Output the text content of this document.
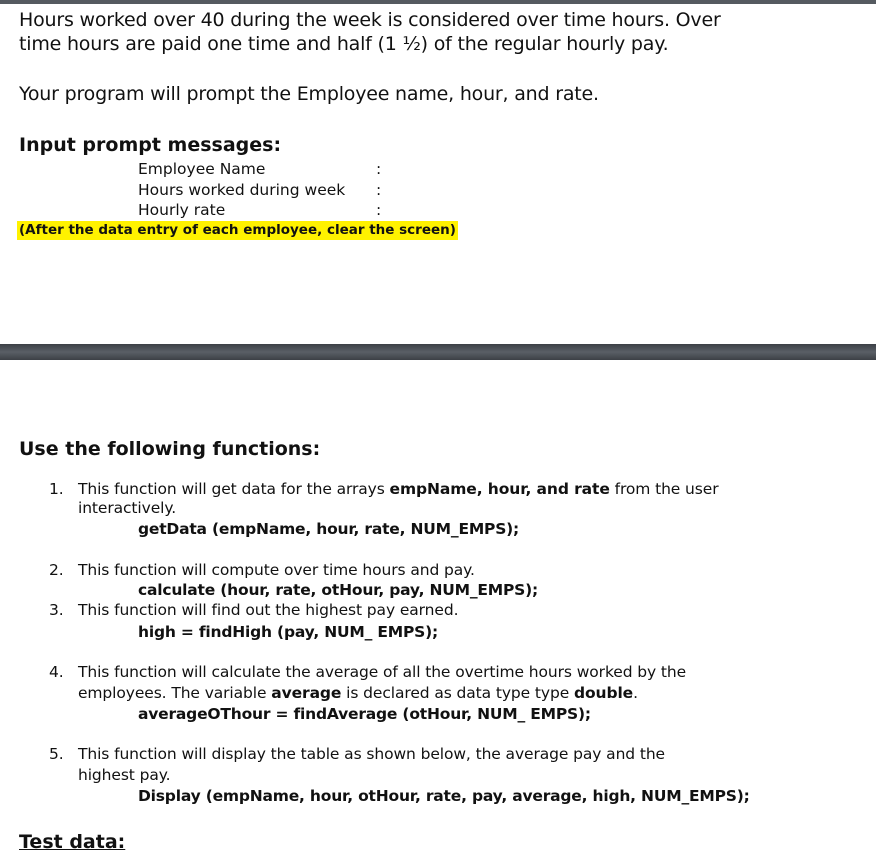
Hours worked over 40 during the week is considered over time hours. Over
time hours are paid one time and half (1 ½) of the regular hourly pay.
Your program will prompt the Employee name, hour, and rate.
Input prompt messages:
Employee Name	:
Hours worked during week :
Hourly rate	:
(After the data entry of each employee, clear the screen)
Use the following functions:
1. This function will get data for the arrays empName, hour, and rate from the user
interactively.
getData (empName, hour, rate, NUM_EMPS);
2. This function will compute over time hours and pay.
calculate (hour, rate, otHour, pay, NUM_EMPS);
3. This function will find out the highest pay earned.
high = findHigh (pay, NUM_ EMPS);
4. This function will calculate the average of all the overtime hours worked by the
employees. The variable average is declared as data type type double.
averageOThour = findAverage (otHour, NUM_ EMPS);
5. This function will display the table as shown below, the average pay and the
highest pay.
Display (empName, hour, otHour, rate, pay, average, high, NUM_EMPS);
Test data:
